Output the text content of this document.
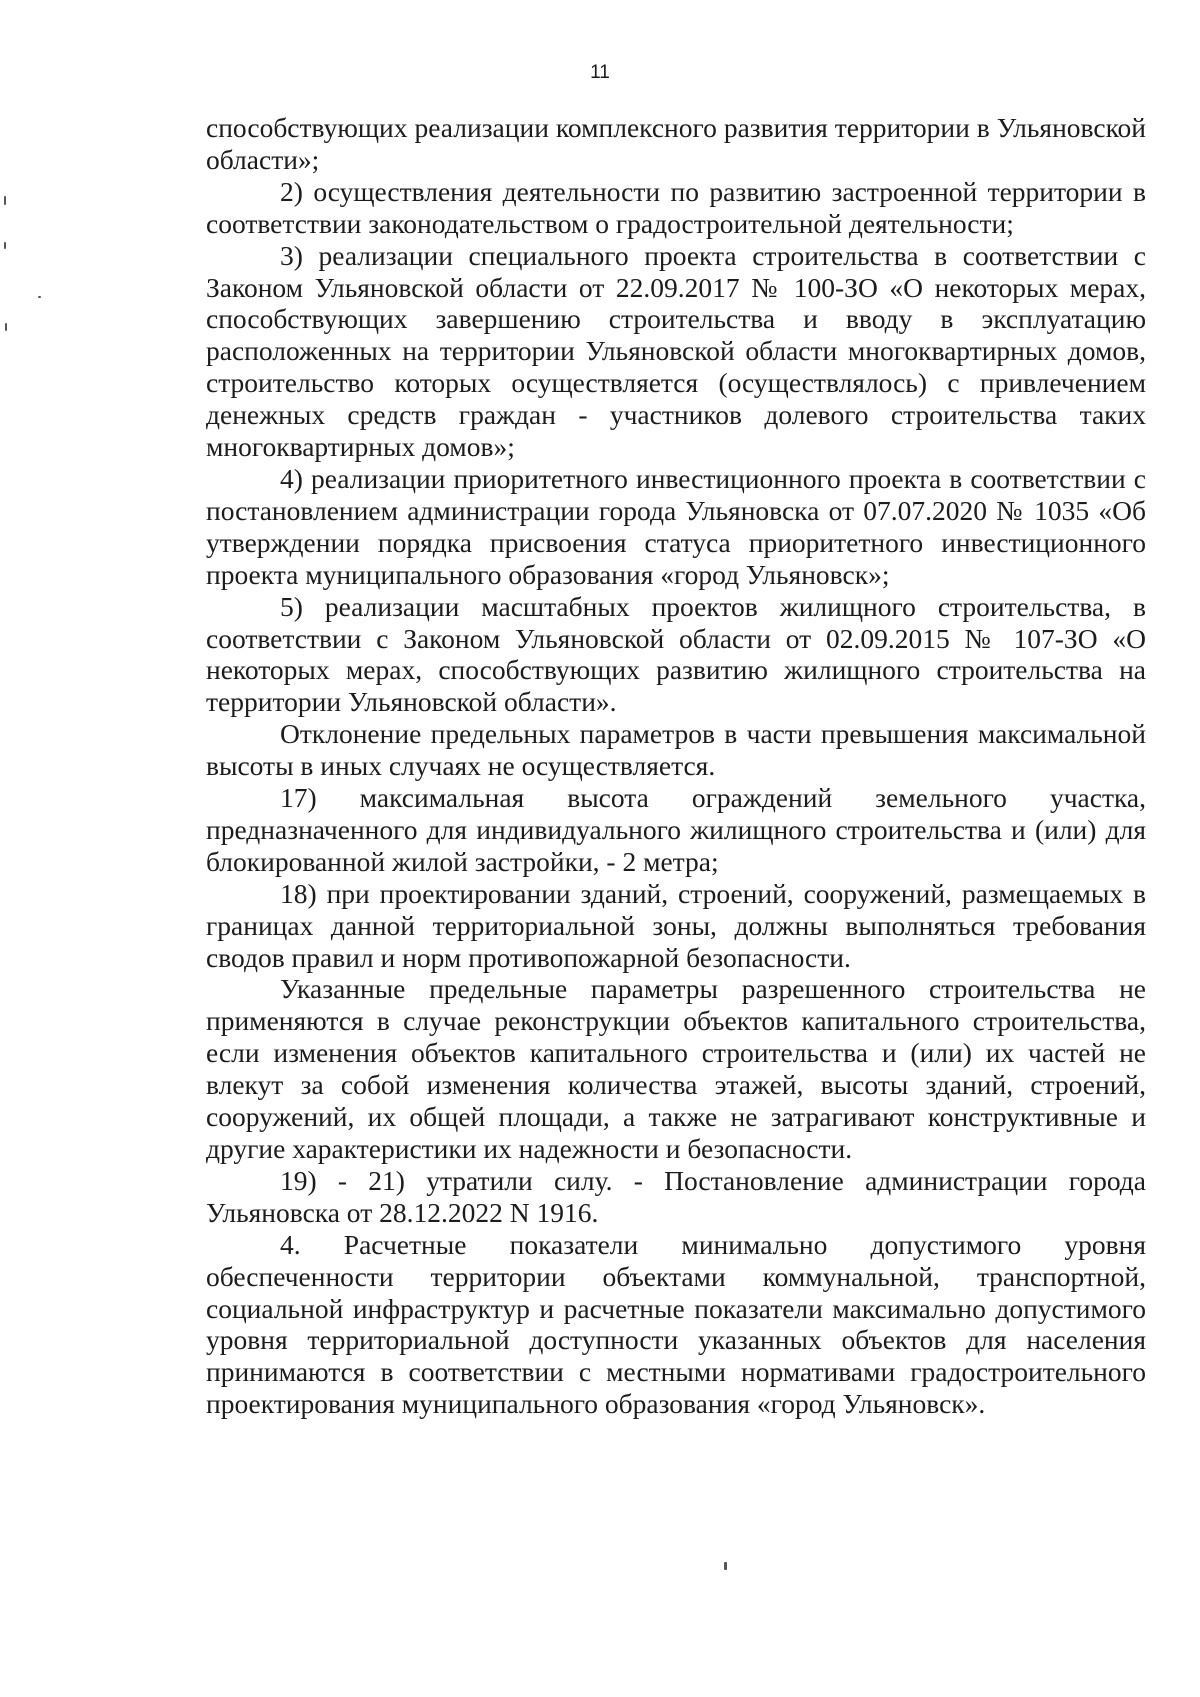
11

способствующих реализации комплексного развития территории в Ульяновской области»;

2) осуществления деятельности по развитию застроенной территории в соответствии законодательством о градостроительной деятельности;

3) реализации специального проекта строительства в соответствии с Законом Ульяновской области от 22.09.2017 № 100-ЗО «О некоторых мерах, способствующих завершению строительства и вводу в эксплуатацию расположенных на территории Ульяновской области многоквартирных домов, строительство которых осуществляется (осуществлялось) с привлечением денежных средств граждан - участников долевого строительства таких многоквартирных домов»;

4) реализации приоритетного инвестиционного проекта в соответствии с постановлением администрации города Ульяновска от 07.07.2020 № 1035 «Об утверждении порядка присвоения статуса приоритетного инвестиционного проекта муниципального образования «город Ульяновск»;

5) реализации масштабных проектов жилищного строительства, в соответствии с Законом Ульяновской области от 02.09.2015 № 107-ЗО «О некоторых мерах, способствующих развитию жилищного строительства на территории Ульяновской области».

Отклонение предельных параметров в части превышения максимальной высоты в иных случаях не осуществляется.

17) максимальная высота ограждений земельного участка, предназначенного для индивидуального жилищного строительства и (или) для блокированной жилой застройки, - 2 метра;

18) при проектировании зданий, строений, сооружений, размещаемых в границах данной территориальной зоны, должны выполняться требования сводов правил и норм противопожарной безопасности.

Указанные предельные параметры разрешенного строительства не применяются в случае реконструкции объектов капитального строительства, если изменения объектов капитального строительства и (или) их частей не влекут за собой изменения количества этажей, высоты зданий, строений, сооружений, их общей площади, а также не затрагивают конструктивные и другие характеристики их надежности и безопасности.

19) - 21) утратили силу. - Постановление администрации города Ульяновска от 28.12.2022 N 1916.

4. Расчетные показатели минимально допустимого уровня обеспеченности территории объектами коммунальной, транспортной, социальной инфраструктур и расчетные показатели максимально допустимого уровня территориальной доступности указанных объектов для населения принимаются в соответствии с местными нормативами градостроительного проектирования муниципального образования «город Ульяновск».
